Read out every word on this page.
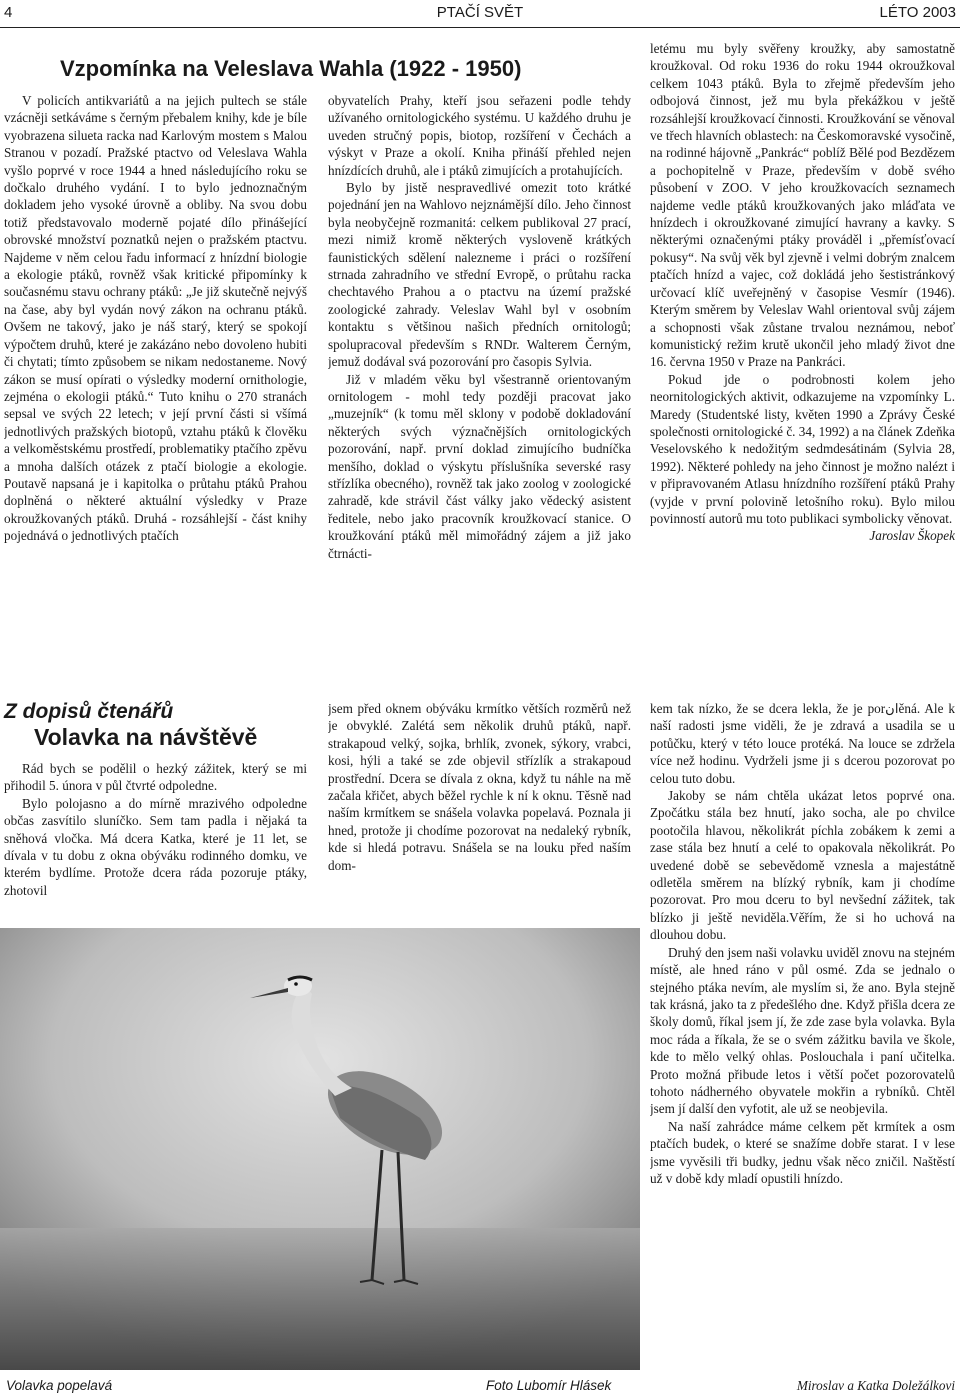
4	PTAČÍ SVĚT	LÉTO 2003
Vzpomínka na Veleslava Wahla (1922 - 1950)

V policích antikvariátů a na jejich pultech se stále vzácněji setkáváme s černým přebalem knihy, kde je bíle vyobrazena silueta racka nad Karlovým mostem s Malou Stranou v pozadí. Pražské ptactvo od Veleslava Wahla vyšlo poprvé v roce 1944 a hned následujícího roku se dočkalo druhého vydání. I to bylo jednoznačným dokladem jeho vysoké úrovně a obliby. Na svou dobu totiž představovalo moderně pojaté dílo přinášející obrovské množství poznatků nejen o pražském ptactvu. Najdeme v něm celou řadu informací z hnízdní biologie a ekologie ptáků, rovněž však kritické připomínky k současnému stavu ochrany ptáků: „Je již skutečně nejvýš na čase, aby byl vydán nový zákon na ochranu ptáků. Ovšem ne takový, jako je náš starý, který se spokojí výpočtem druhů, které je zakázáno nebo dovoleno hubiti či chytati; tímto způsobem se nikam nedostaneme. Nový zákon se musí opírati o výsledky moderní ornithologie, zejména o ekologii ptáků.“ Tuto knihu o 270 stranách sepsal ve svých 22 letech; v její první části si všímá jednotlivých pražských biotopů, vztahu ptáků k člověku a velkoměstskému prostředí, problematiky ptačího zpěvu a mnoha dalších otázek z ptačí biologie a ekologie. Poutavě napsaná je i kapitolka o průtahu ptáků Prahou doplněná o některé aktuální výsledky v Praze okroužkovaných ptáků. Druhá - rozsáhlejší - část knihy pojednává o jednotlivých ptačích

obyvatelích Prahy, kteří jsou seřazeni podle tehdy užívaného ornitologického systému. U každého druhu je uveden stručný popis, biotop, rozšíření v Čechách a výskyt v Praze a okolí. Kniha přináší přehled nejen hnízdících druhů, ale i ptáků zimujících a protahujících.

Bylo by jistě nespravedlivé omezit toto krátké pojednání jen na Wahlovo nejznámější dílo. Jeho činnost byla neobyčejně rozmanitá: celkem publikoval 27 prací, mezi nimiž kromě některých vysloveně krátkých faunistických sdělení nalezneme i práci o rozšíření strnada zahradního ve střední Evropě, o průtahu racka chechtavého Prahou a o ptactvu na území pražské zoologické zahrady. Veleslav Wahl byl v osobním kontaktu s většinou našich předních ornitologů; spolupracoval především s RNDr. Walterem Černým, jemuž dodával svá pozorování pro časopis Sylvia.

Již v mladém věku byl všestranně orientovaným ornitologem - mohl tedy později pracovat jako „muzejník“ (k tomu měl sklony v podobě dokladování některých svých význačnějších ornitologických pozorování, např. první doklad zimujícího budníčka menšího, doklad o výskytu příslušníka severské rasy střízlíka obecného), rovněž tak jako zoolog v zoologické zahradě, kde strávil část války jako vědecký asistent ředitele, nebo jako pracovník kroužkovací stanice. O kroužkování ptáků měl mimořádný zájem a již jako čtrnácti-

letému mu byly svěřeny kroužky, aby samostatně kroužkoval. Od roku 1936 do roku 1944 okroužkoval celkem 1043 ptáků. Byla to zřejmě především jeho odbojová činnost, jež mu byla překážkou v ještě rozsáhlejší kroužkovací činnosti. Kroužkování se věnoval ve třech hlavních oblastech: na Českomoravské vysočině, na rodinné hájovně „Pankrác“ poblíž Bělé pod Bezdězem a pochopitelně v Praze, především v době svého působení v ZOO. V jeho kroužkovacích seznamech najdeme vedle ptáků kroužkovaných jako mláďata ve hnízdech i okroužkované zimující havrany a kavky. S některými označenými ptáky prováděl i „přemísťovací pokusy“. Na svůj věk byl zjevně i velmi dobrým znalcem ptačích hnízd a vajec, což dokládá jeho šestistránkový určovací klíč uveřejněný v časopise Vesmír (1946). Kterým směrem by Veleslav Wahl orientoval svůj zájem a schopnosti však zůstane trvalou neznámou, neboť komunistický režim krutě ukončil jeho mladý život dne 16. června 1950 v Praze na Pankráci.

Pokud jde o podrobnosti kolem jeho neornitologických aktivit, odkazujeme na vzpomínky L. Maredy (Studentské listy, květen 1990 a Zprávy České společnosti ornitologické č. 34, 1992) a na článek Zdeňka Veselovského k nedožitým sedmdesátinám (Sylvia 28, 1992). Některé pohledy na jeho činnost je možno nalézt i v připravovaném Atlasu hnízdního rozšíření ptáků Prahy (vyjde v první polovině letošního roku). Bylo milou povinností autorů mu toto publikaci symbolicky věnovat.

Jaroslav Škopek
Z dopisů čtenářů
Volavka na návštěvě

Rád bych se podělil o hezký zážitek, který se mi přihodil 5. února v půl čtvrté odpoledne.

Bylo polojasno a do mírně mrazivého odpoledne občas zasvítilo sluníčko. Sem tam padla i nějaká ta sněhová vločka. Má dcera Katka, které je 11 let, se dívala v tu dobu z okna obýváku rodinného domku, ve kterém bydlíme. Protože dcera ráda pozoruje ptáky, zhotovil

jsem před oknem obýváku krmítko větších rozměrů než je obvyklé. Zalétá sem několik druhů ptáků, např. strakapoud velký, sojka, brhlík, zvonek, sýkory, vrabci, kosi, hýli a také se zde objevil střízlík a strakapoud prostřední. Dcera se dívala z okna, když tu náhle na mě začala křičet, abych běžel rychle k ní k oknu. Těsně nad naším krmítkem se snášela volavka popelavá. Poznala ji hned, protože ji chodíme pozorovat na nedaleký rybník, kde si hledá potravu. Snášela se na louku před naším dom-

kem tak nízko, že se dcera lekla, že je porانěná. Ale k naší radosti jsme viděli, že je zdravá a usadila se u potůčku, který v této louce protéká. Na louce se zdržela více než hodinu. Vydrželi jsme ji s dcerou pozorovat po celou tuto dobu.

Jakoby se nám chtěla ukázat letos poprvé ona. Zpočátku stála bez hnutí, jako socha, ale po chvilce pootočila hlavou, několikrát píchla zobákem k zemi a zase stála bez hnutí a celé to opakovala několikrát. Po uvedené době se sebevědomě vznesla a majestátně odletěla směrem na blízký rybník, kam ji chodíme pozorovat. Pro mou dceru to byl nevšední zážitek, tak blízko ji ještě neviděla.Věřím, že si ho uchová na dlouhou dobu.

Druhý den jsem naši volavku uviděl znovu na stejném místě, ale hned ráno v půl osmé. Zda se jednalo o stejného ptáka nevím, ale myslím si, že ano. Byla stejně tak krásná, jako ta z předešlého dne. Když přišla dcera ze školy domů, říkal jsem jí, že zde zase byla volavka. Byla moc ráda a říkala, že se o svém zážitku bavila ve škole, kde to mělo velký ohlas. Poslouchala i paní učitelka. Proto možná přibude letos i větší počet pozorovatelů tohoto nádherného obyvatele mokřin a rybníků. Chtěl jsem jí další den vyfotit, ale už se neobjevila.

Na naší zahrádce máme celkem pět krmítek a osm ptačích budek, o které se snažíme dobře starat. I v lese jsme vyvěsili tři budky, jednu však něco zničil. Naštěstí už v době kdy mladí opustili hnízdo.

Miroslav a Katka Doležálkovi
Volavka popelavá	Foto Lubomír Hlásek
